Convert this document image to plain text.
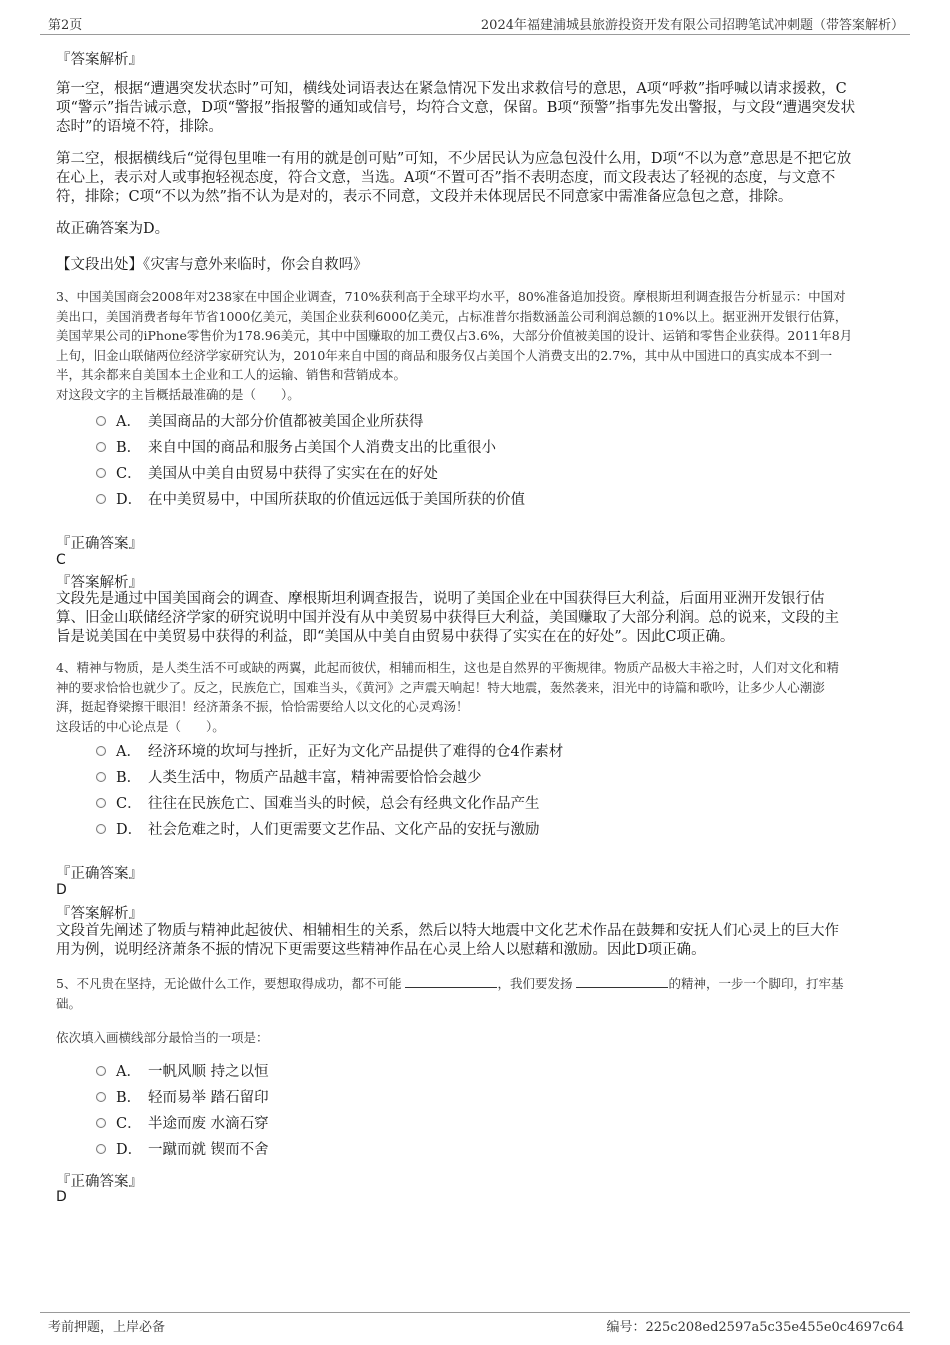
第2页	2024年福建浦城县旅游投资开发有限公司招聘笔试冲刺题（带答案解析）
『答案解析』
第一空，根据“遭遇突发状态时”可知，横线处词语表达在紧急情况下发出求救信号的意思，A项“呼救”指呼喊以请求援救，C
项“警示”指告诫示意，D项“警报”指报警的通知或信号，均符合文意，保留。B项“预警”指事先发出警报，与文段“遭遇突发状
态时”的语境不符，排除。
第二空，根据横线后“觉得包里唯一有用的就是创可贴”可知，不少居民认为应急包没什么用，D项“不以为意”意思是不把它放
在心上，表示对人或事抱轻视态度，符合文意，当选。A项“不置可否”指不表明态度，而文段表达了轻视的态度，与文意不
符，排除；C项“不以为然”指不认为是对的，表示不同意，文段并未体现居民不同意家中需准备应急包之意，排除。
故正确答案为D。
【文段出处】《灾害与意外来临时，你会自救吗》
3、中国美国商会2008年对238家在中国企业调查，710%获利高于全球平均水平，80%准备追加投资。摩根斯坦利调查报告分析显示：中国对
美出口，美国消费者每年节省1000亿美元，美国企业获利6000亿美元，占标准普尔指数涵盖公司利润总额的10%以上。据亚洲开发银行估算，
美国苹果公司的iPhone零售价为178.96美元，其中中国赚取的加工费仅占3.6%，大部分价值被美国的设计、运销和零售企业获得。2011年8月
上旬，旧金山联储两位经济学家研究认为，2010年来自中国的商品和服务仅占美国个人消费支出的2.7%，其中从中国进口的真实成本不到一
半，其余都来自美国本土企业和工人的运输、销售和营销成本。
对这段文字的主旨概括最准确的是（　　）。
A． 美国商品的大部分价值都被美国企业所获得
B． 来自中国的商品和服务占美国个人消费支出的比重很小
C． 美国从中美自由贸易中获得了实实在在的好处
D． 在中美贸易中，中国所获取的价值远远低于美国所获的价值
『正确答案』
C
『答案解析』
文段先是通过中国美国商会的调查、摩根斯坦利调查报告，说明了美国企业在中国获得巨大利益，后面用亚洲开发银行估
算、旧金山联储经济学家的研究说明中国并没有从中美贸易中获得巨大利益，美国赚取了大部分利润。总的说来，文段的主
旨是说美国在中美贸易中获得的利益，即“美国从中美自由贸易中获得了实实在在的好处”。因此C项正确。
4、精神与物质，是人类生活不可或缺的两翼，此起而彼伏，相辅而相生，这也是自然界的平衡规律。物质产品极大丰裕之时，人们对文化和精
神的要求恰恰也就少了。反之，民族危亡，国难当头，《黄河》之声震天响起！特大地震，轰然袭来，泪光中的诗篇和歌吟，让多少人心潮澎
湃，挺起脊梁擦干眼泪！经济萧条不振，恰恰需要给人以文化的心灵鸡汤！
这段话的中心论点是（　　）。
A． 经济环境的坎坷与挫折，正好为文化产品提供了难得的仓4作素材
B． 人类生活中，物质产品越丰富，精神需要恰恰会越少
C． 往往在民族危亡、国难当头的时候，总会有经典文化作品产生
D． 社会危难之时，人们更需要文艺作品、文化产品的安抚与激励
『正确答案』
D
『答案解析』
文段首先阐述了物质与精神此起彼伏、相辅相生的关系，然后以特大地震中文化艺术作品在鼓舞和安抚人们心灵上的巨大作
用为例，说明经济萧条不振的情况下更需要这些精神作品在心灵上给人以慰藉和激励。因此D项正确。
5、不凡贵在坚持，无论做什么工作，要想取得成功，都不可能	，我们要发扬	的精神，一步一个脚印，打牢基
础。
依次填入画横线部分最恰当的一项是：
A． 一帆风顺 持之以恒
B． 轻而易举 踏石留印
C． 半途而废 水滴石穿
D． 一蹴而就 锲而不舍
『正确答案』
D
考前押题，上岸必备	编号：225c208ed2597a5c35e455e0c4697c64
